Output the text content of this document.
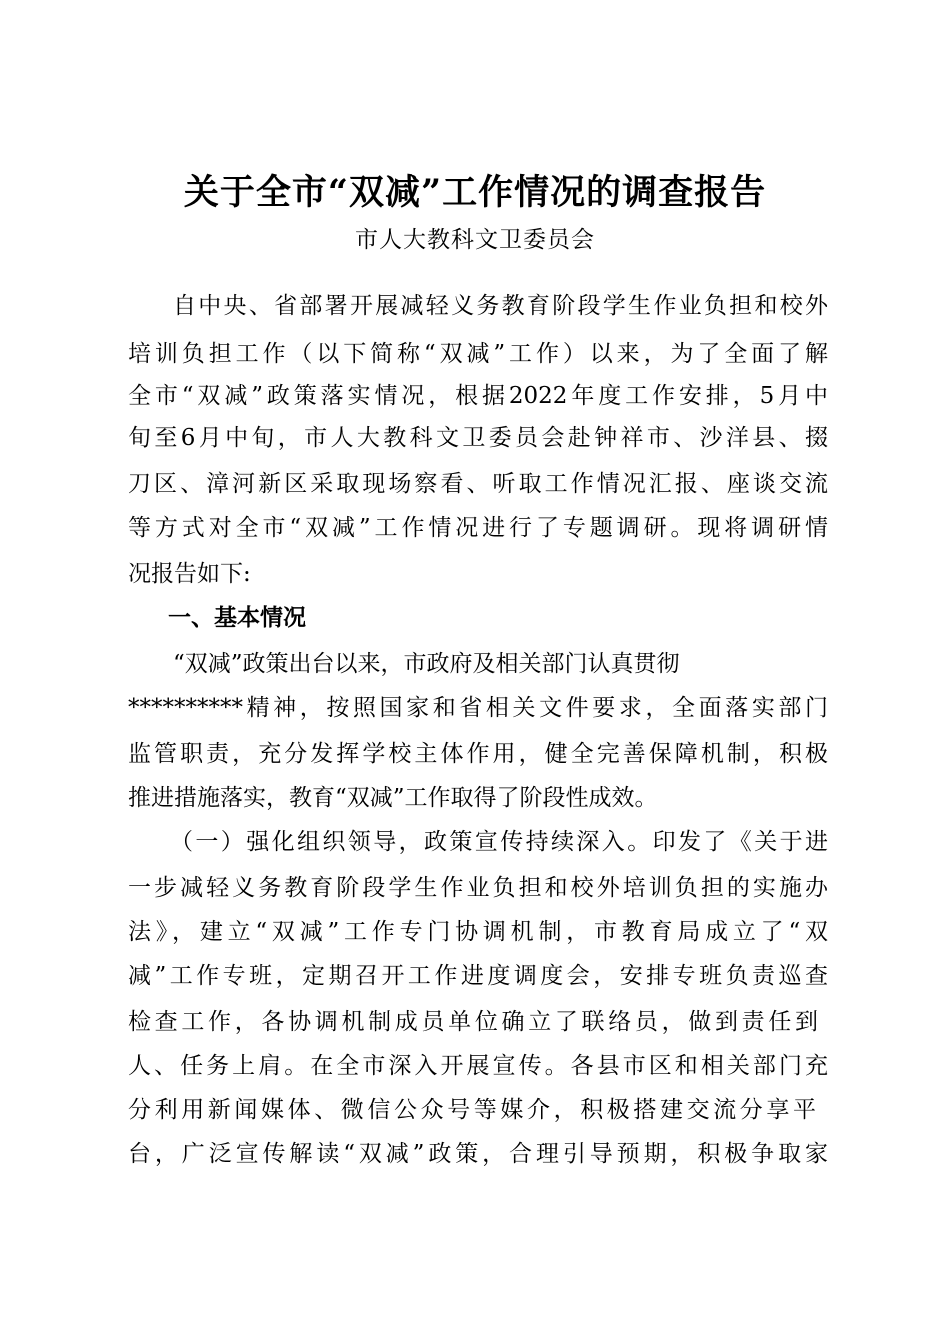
关于全市“双减”工作情况的调查报告
市人大教科文卫委员会
自中央、省部署开展减轻义务教育阶段学生作业负担和校外
培训负担工作（以下简称“双减”工作）以来，为了全面了解
全市“双减”政策落实情况，根据2022年度工作安排，5月中
旬至6月中旬，市人大教科文卫委员会赴钟祥市、沙洋县、掇
刀区、漳河新区采取现场察看、听取工作情况汇报、座谈交流
等方式对全市“双减”工作情况进行了专题调研。现将调研情
况报告如下:
一、基本情况
“双减”政策出台以来，市政府及相关部门认真贯彻
**********精神，按照国家和省相关文件要求，全面落实部门
监管职责，充分发挥学校主体作用，健全完善保障机制，积极
推进措施落实，教育“双减”工作取得了阶段性成效。
（一）强化组织领导，政策宣传持续深入。印发了《关于进
一步减轻义务教育阶段学生作业负担和校外培训负担的实施办
法》，建立“双减”工作专门协调机制，市教育局成立了“双
减”工作专班，定期召开工作进度调度会，安排专班负责巡查
检查工作，各协调机制成员单位确立了联络员，做到责任到
人、任务上肩。在全市深入开展宣传。各县市区和相关部门充
分利用新闻媒体、微信公众号等媒介，积极搭建交流分享平
台，广泛宣传解读“双减”政策，合理引导预期，积极争取家
